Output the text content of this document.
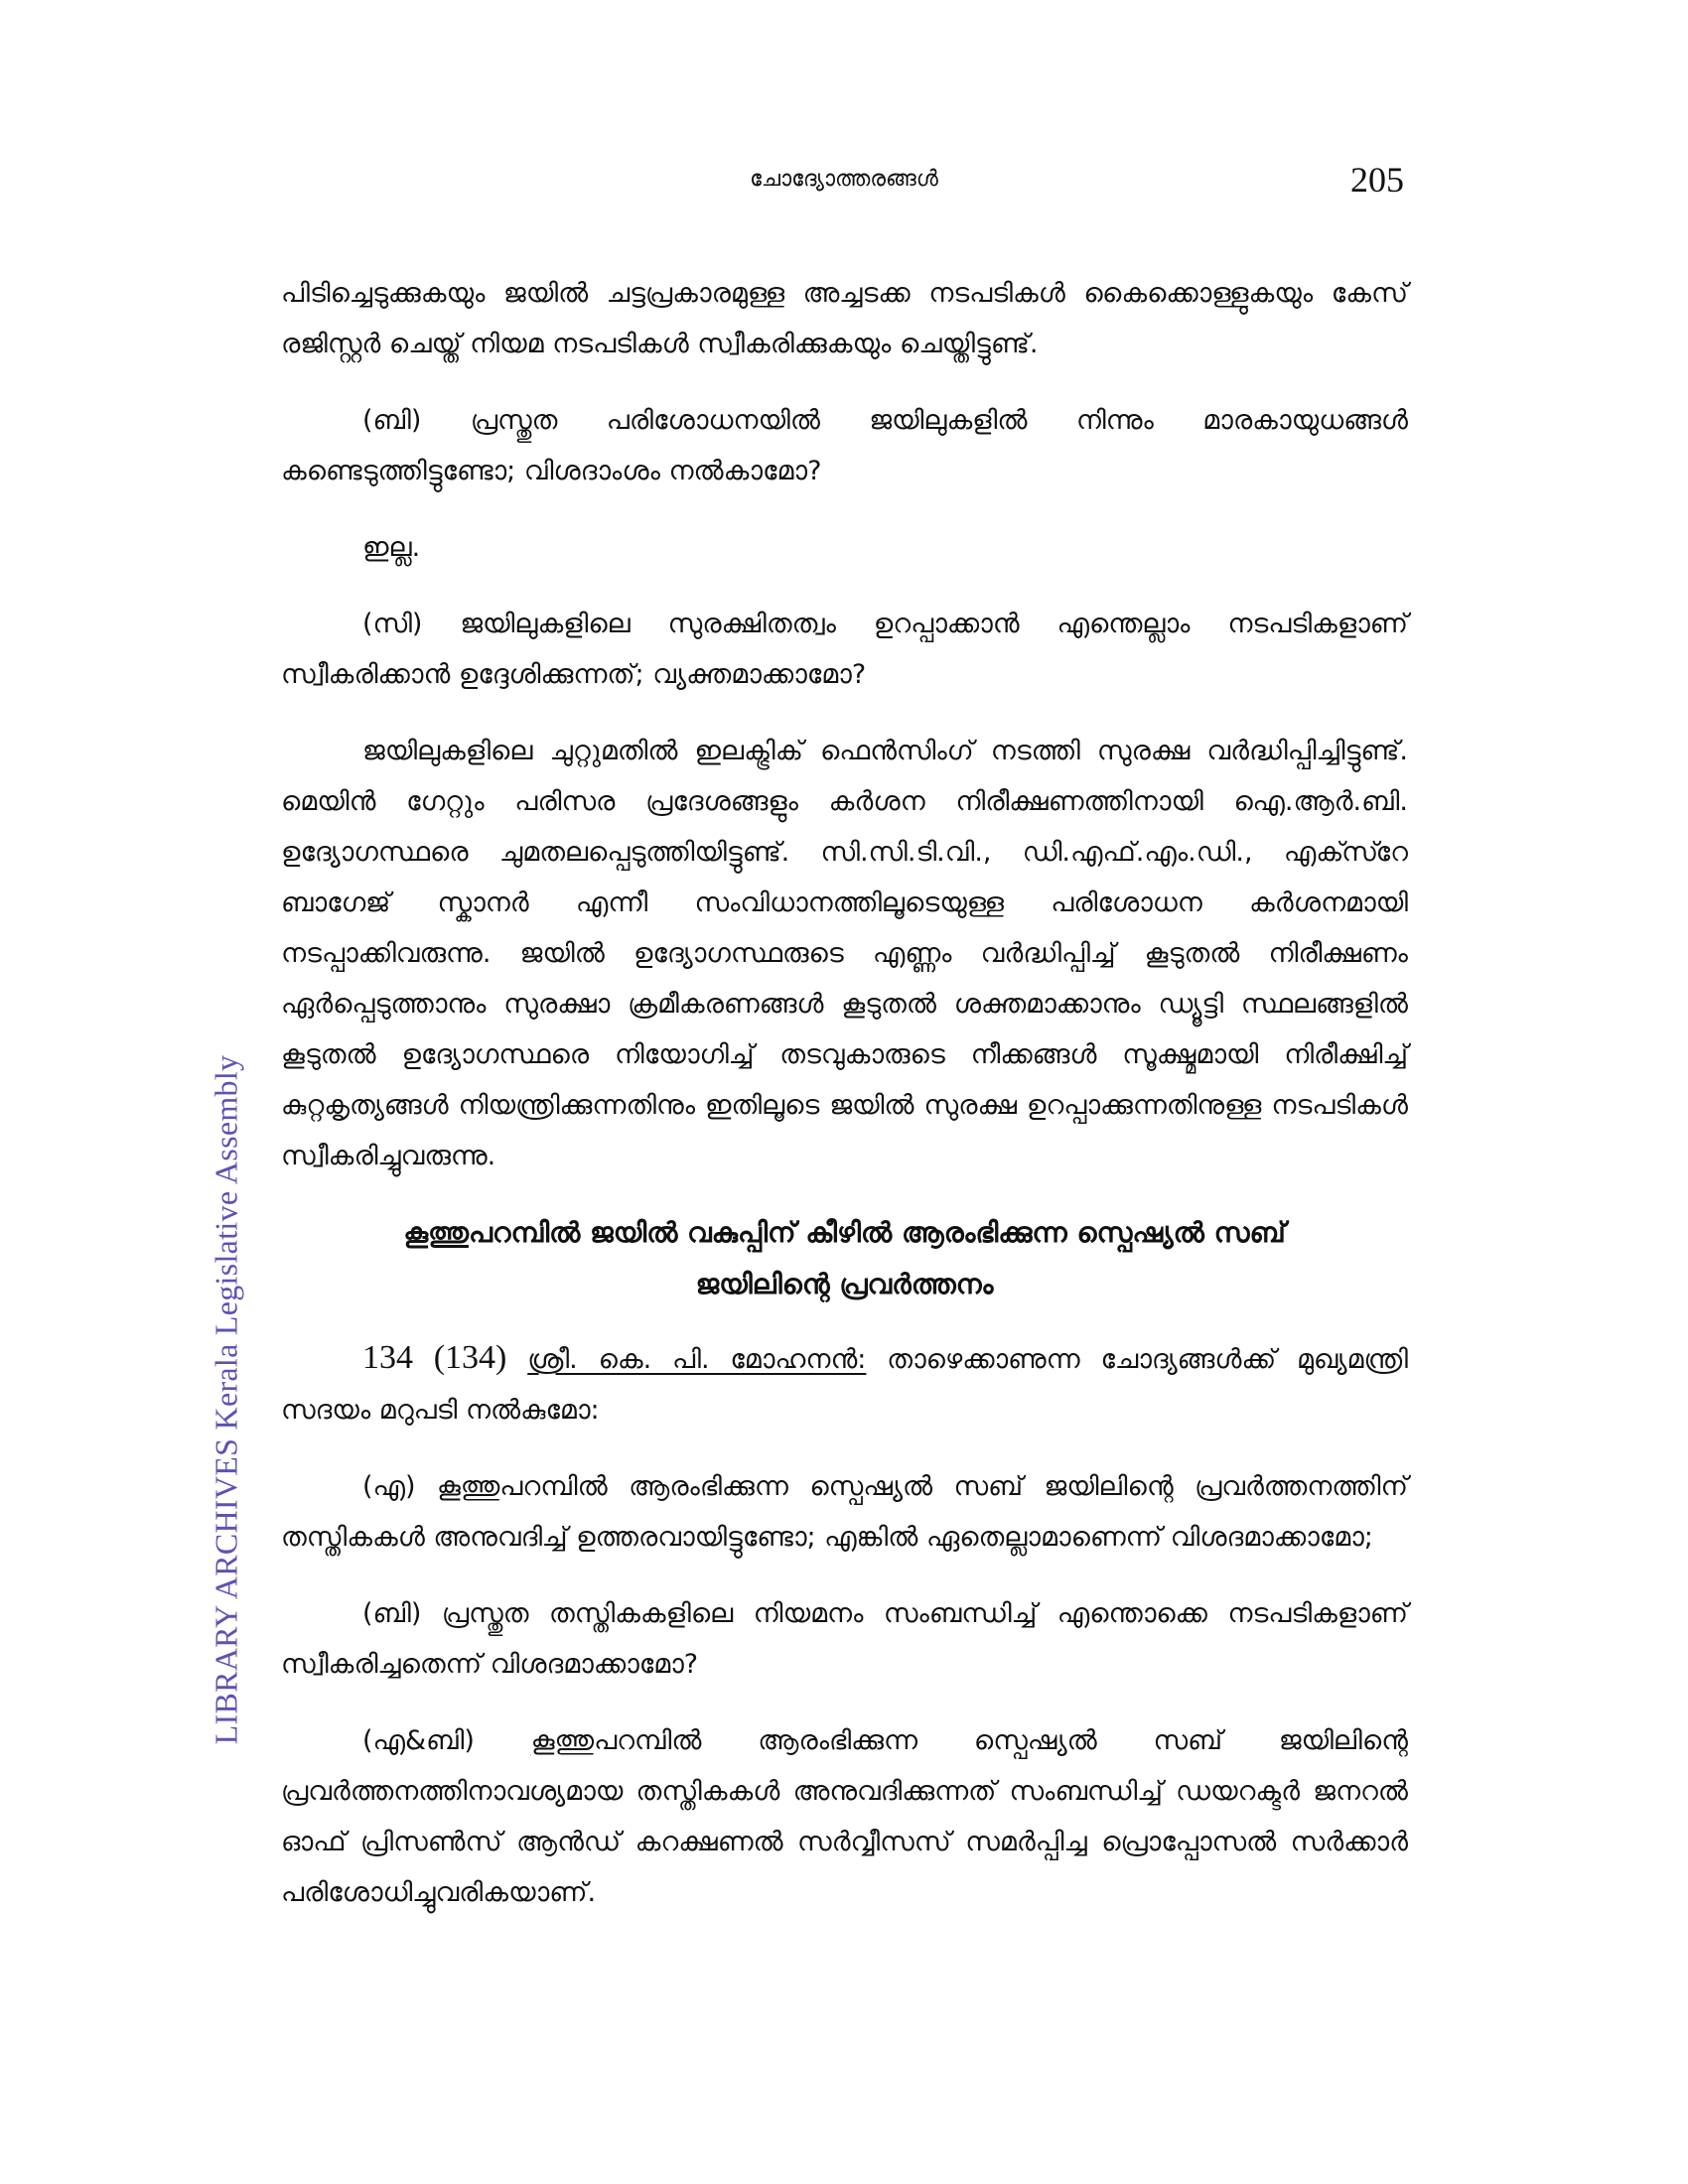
ചോദ്യോത്തരങ്ങൾ	205
LIBRARY ARCHIVES Kerala Legislative Assembly

പിടിച്ചെടുക്കുകയും ജയിൽ ചട്ടപ്രകാരമുള്ള അച്ചടക്ക നടപടികൾ കൈക്കൊള്ളുകയും കേസ് രജിസ്റ്റർ ചെയ്ത് നിയമ നടപടികൾ സ്വീകരിക്കുകയും ചെയ്തിട്ടുണ്ട്.

(ബി) പ്രസ്തുത പരിശോധനയിൽ ജയിലുകളിൽ നിന്നും മാരകായുധങ്ങൾ കണ്ടെടുത്തിട്ടുണ്ടോ; വിശദാംശം നൽകാമോ?

ഇല്ല.

(സി) ജയിലുകളിലെ സുരക്ഷിതത്വം ഉറപ്പാക്കാൻ എന്തെല്ലാം നടപടികളാണ് സ്വീകരിക്കാൻ ഉദ്ദേശിക്കുന്നത്; വ്യക്തമാക്കാമോ?

ജയിലുകളിലെ ചുറ്റുമതിൽ ഇലക്ട്രിക് ഫെൻസിംഗ് നടത്തി സുരക്ഷ വർദ്ധിപ്പിച്ചിട്ടുണ്ട്. മെയിൻ ഗേറ്റും പരിസര പ്രദേശങ്ങളും കർശന നിരീക്ഷണത്തിനായി ഐ.ആർ.ബി. ഉദ്യോഗസ്ഥരെ ചുമതലപ്പെടുത്തിയിട്ടുണ്ട്. സി.സി.ടി.വി., ഡി.എഫ്.എം.ഡി., എക്സ്റേ ബാഗേജ് സ്കാനർ എന്നീ സംവിധാനത്തിലൂടെയുള്ള പരിശോധന കർശനമായി നടപ്പാക്കിവരുന്നു. ജയിൽ ഉദ്യോഗസ്ഥരുടെ എണ്ണം വർദ്ധിപ്പിച്ച് കൂടുതൽ നിരീക്ഷണം ഏർപ്പെടുത്താനും സുരക്ഷാ ക്രമീകരണങ്ങൾ കൂടുതൽ ശക്തമാക്കാനും ഡ്യൂട്ടി സ്ഥലങ്ങളിൽ കൂടുതൽ ഉദ്യോഗസ്ഥരെ നിയോഗിച്ച് തടവുകാരുടെ നീക്കങ്ങൾ സൂക്ഷ്മമായി നിരീക്ഷിച്ച് കുറ്റകൃത്യങ്ങൾ നിയന്ത്രിക്കുന്നതിനും ഇതിലൂടെ ജയിൽ സുരക്ഷ ഉറപ്പാക്കുന്നതിനുള്ള നടപടികൾ സ്വീകരിച്ചുവരുന്നു.

കൂത്തുപറമ്പിൽ ജയിൽ വകുപ്പിന് കീഴിൽ ആരംഭിക്കുന്ന സ്പെഷ്യൽ സബ്
ജയിലിന്റെ പ്രവർത്തനം

134 (134) ശ്രീ. കെ. പി. മോഹനൻ: താഴെക്കാണുന്ന ചോദ്യങ്ങൾക്ക് മുഖ്യമന്ത്രി സദയം മറുപടി നൽകുമോ:

(എ) കൂത്തുപറമ്പിൽ ആരംഭിക്കുന്ന സ്പെഷ്യൽ സബ് ജയിലിന്റെ പ്രവർത്തനത്തിന് തസ്തികകൾ അനുവദിച്ച് ഉത്തരവായിട്ടുണ്ടോ; എങ്കിൽ ഏതെല്ലാമാണെന്ന് വിശദമാക്കാമോ;

(ബി) പ്രസ്തുത തസ്തികകളിലെ നിയമനം സംബന്ധിച്ച് എന്തൊക്കെ നടപടികളാണ് സ്വീകരിച്ചതെന്ന് വിശദമാക്കാമോ?

(എ&ബി) കൂത്തുപറമ്പിൽ ആരംഭിക്കുന്ന സ്പെഷ്യൽ സബ് ജയിലിന്റെ പ്രവർത്തനത്തിനാവശ്യമായ തസ്തികകൾ അനുവദിക്കുന്നത് സംബന്ധിച്ച് ഡയറക്ടർ ജനറൽ ഓഫ് പ്രിസൺസ് ആൻഡ് കറക്ഷണൽ സർവ്വീസസ് സമർപ്പിച്ച പ്രൊപ്പോസൽ സർക്കാർ പരിശോധിച്ചുവരികയാണ്.
